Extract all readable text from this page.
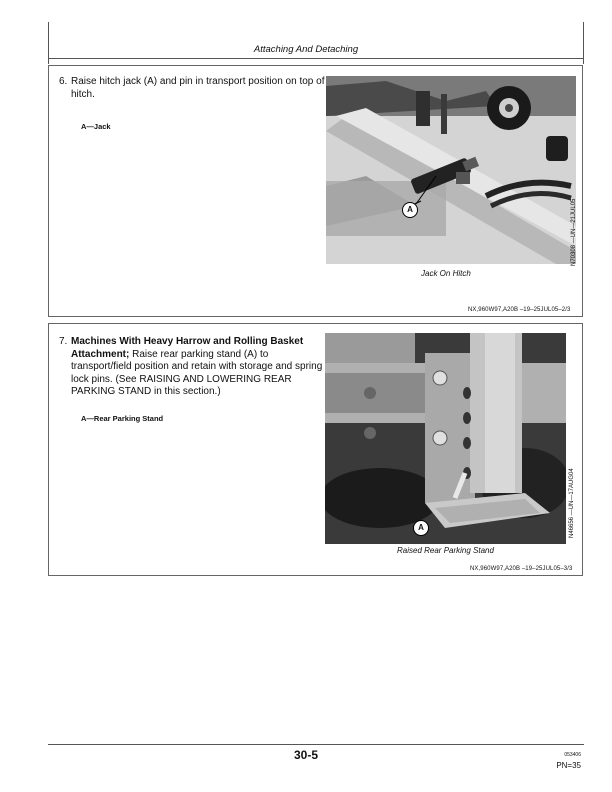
Attaching And Detaching
6. Raise hitch jack (A) and pin in transport position on top of hitch.
A—Jack
A	N70308 —UN—21JUL05
Jack On Hitch
NX,960W97,A20B –19–25JUL05–2/3
7. Machines With Heavy Harrow and Rolling Basket Attachment; Raise rear parking stand (A) to transport/field position and retain with storage and spring lock pins. (See RAISING AND LOWERING REAR PARKING STAND in this section.)
A—Rear Parking Stand
A	N46656 —UN—17AUG04
Raised Rear Parking Stand
NX,960W97,A20B –19–25JUL05–3/3
30-5	053406
PN=35
